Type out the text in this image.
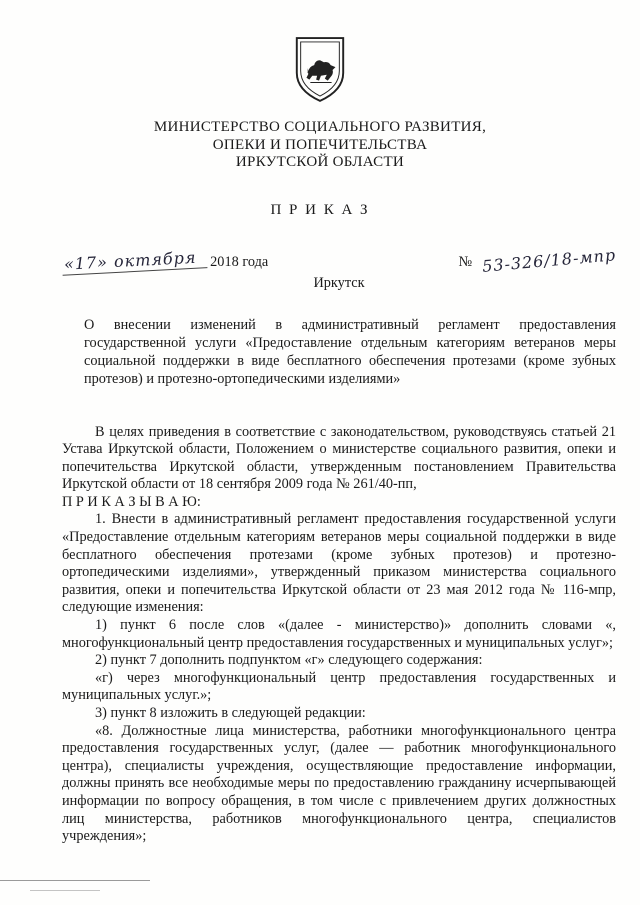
МИНИСТЕРСТВО СОЦИАЛЬНОГО РАЗВИТИЯ,
ОПЕКИ И ПОПЕЧИТЕЛЬСТВА
ИРКУТСКОЙ ОБЛАСТИ
П Р И К А З
«17» октября 2018 года	№ 53-326/18-мпр
Иркутск

О внесении изменений в административный регламент предоставления государственной услуги «Предоставление отдельным категориям ветеранов меры социальной поддержки в виде бесплатного обеспечения протезами (кроме зубных протезов) и протезно-ортопедическими изделиями»

В целях приведения в соответствие с законодательством, руководствуясь статьей 21 Устава Иркутской области, Положением о министерстве социального развития, опеки и попечительства Иркутской области, утвержденным постановлением Правительства Иркутской области от 18 сентября 2009 года № 261/40-пп,

П Р И К А З Ы В А Ю:

1. Внести в административный регламент предоставления государственной услуги «Предоставление отдельным категориям ветеранов меры социальной поддержки в виде бесплатного обеспечения протезами (кроме зубных протезов) и протезно-ортопедическими изделиями», утвержденный приказом министерства социального развития, опеки и попечительства Иркутской области от 23 мая 2012 года № 116-мпр, следующие изменения:

1) пункт 6 после слов «(далее - министерство)» дополнить словами «, многофункциональный центр предоставления государственных и муниципальных услуг»;

2) пункт 7 дополнить подпунктом «г» следующего содержания:

«г) через многофункциональный центр предоставления государственных и муниципальных услуг.»;

3) пункт 8 изложить в следующей редакции:

«8. Должностные лица министерства, работники многофункционального центра предоставления государственных услуг, (далее — работник многофункционального центра), специалисты учреждения, осуществляющие предоставление информации, должны принять все необходимые меры по предоставлению гражданину исчерпывающей информации по вопросу обращения, в том числе с привлечением других должностных лиц министерства, работников многофункционального центра, специалистов учреждения»;
